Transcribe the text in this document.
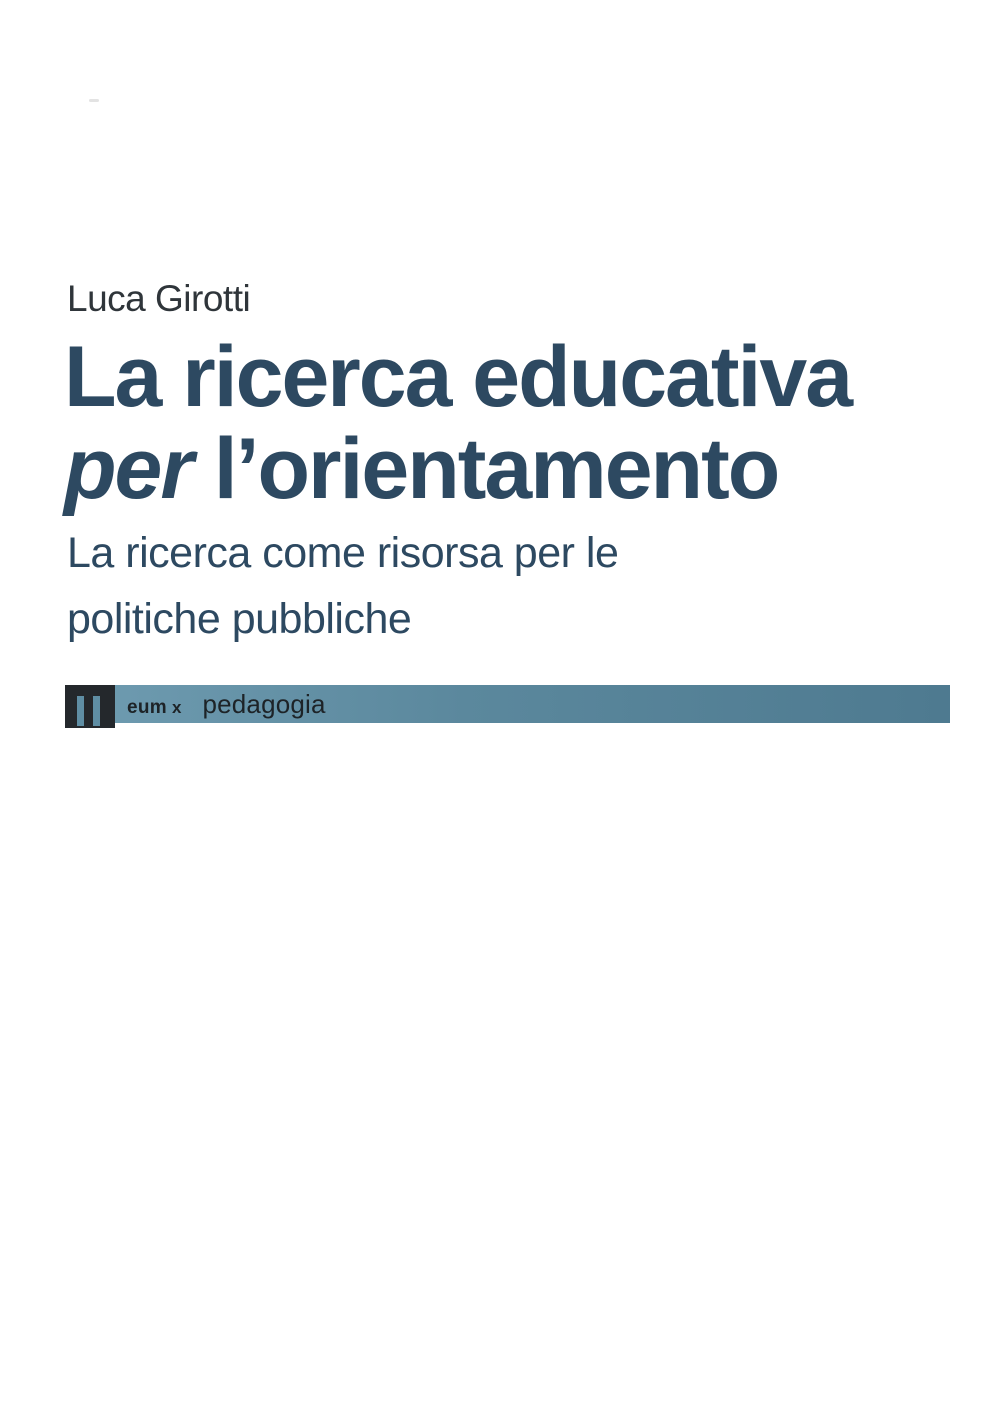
Luca Girotti
La ricerca educativa
per l’orientamento
La ricerca come risorsa per le
politiche pubbliche
eum x pedagogia
